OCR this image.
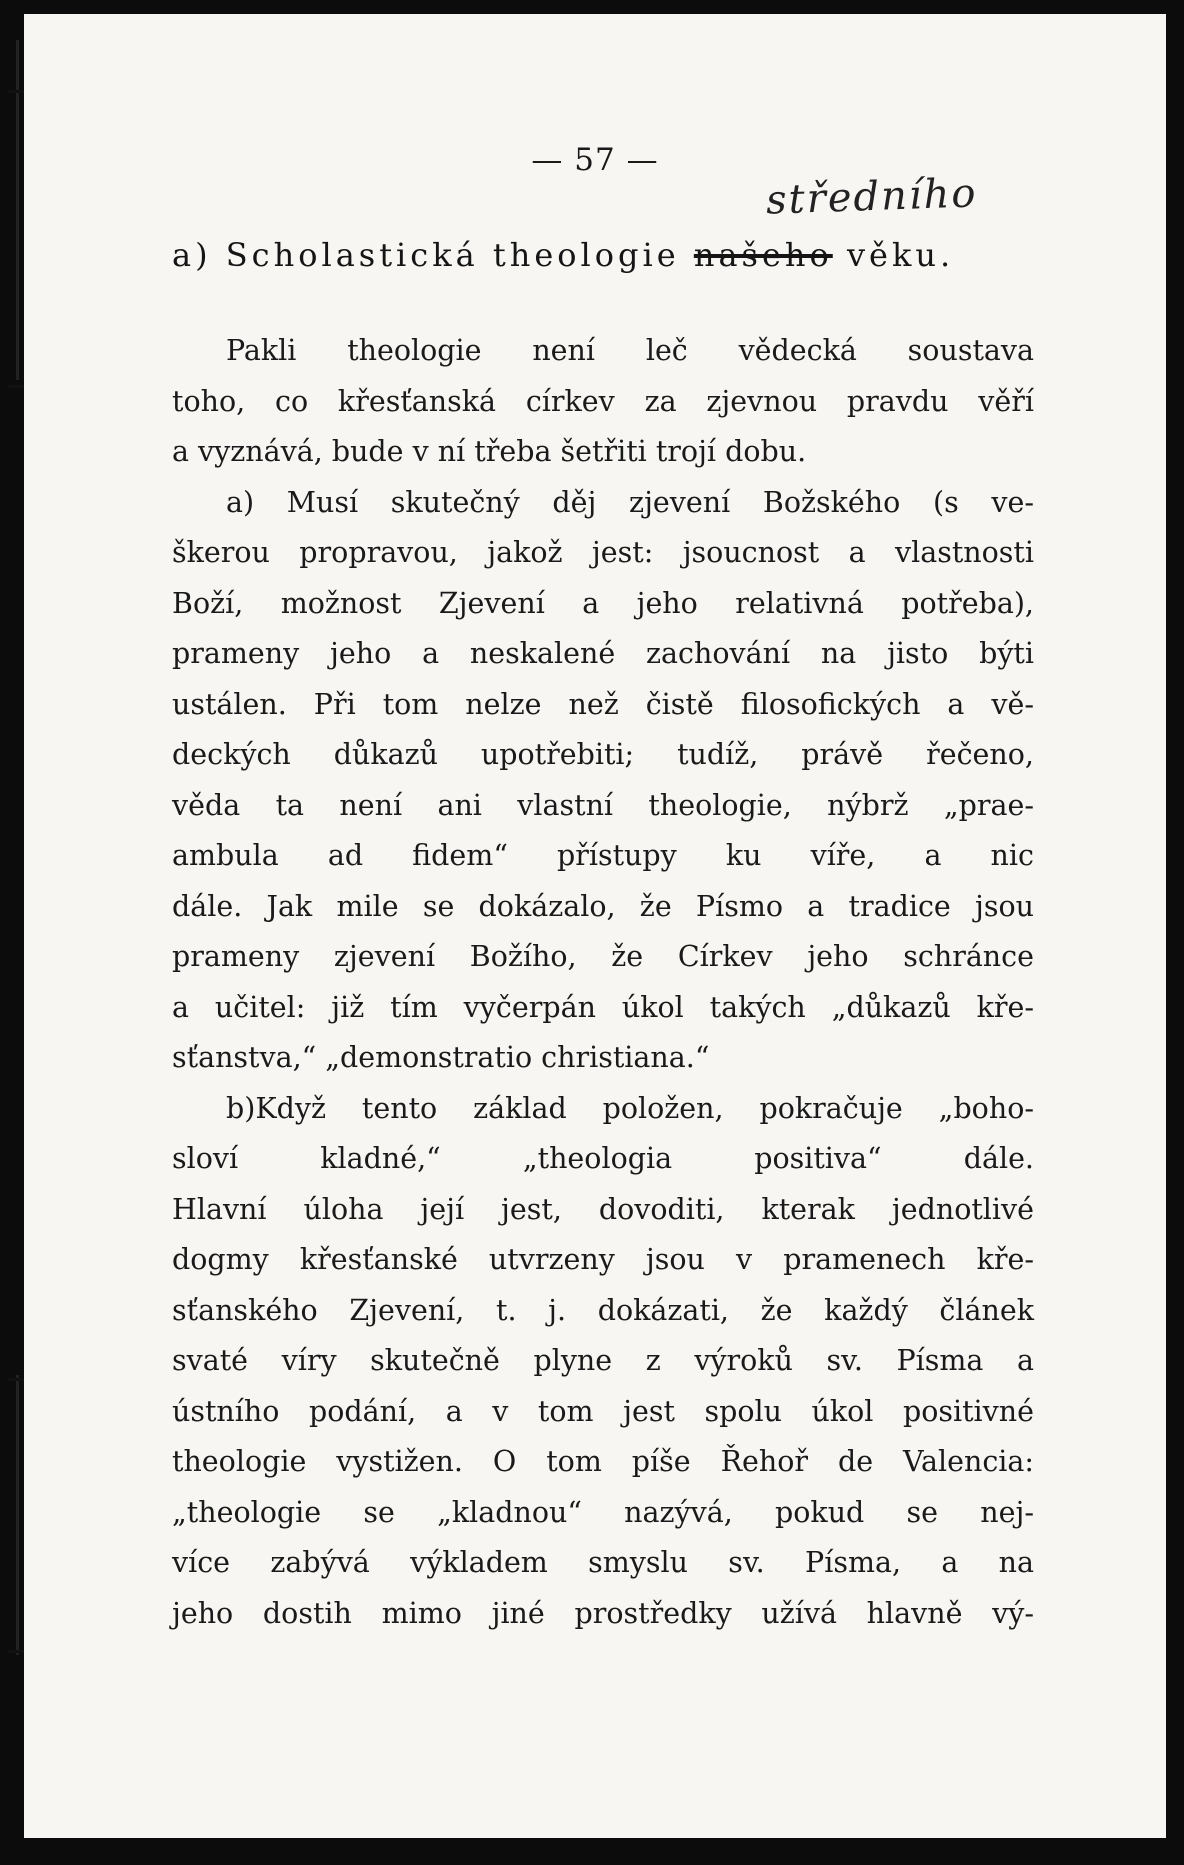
— 57 —
středního
a) Scholastická theologie našeho věku.
Pakli theologie není leč vědecká soustava
toho, co křesťanská církev za zjevnou pravdu věří
a vyznává, bude v ní třeba šetřiti trojí dobu.
a) Musí skutečný děj zjevení Božského (s ve-
škerou propravou, jakož jest: jsoucnost a vlastnosti
Boží, možnost Zjevení a jeho relativná potřeba),
prameny jeho a neskalené zachování na jisto býti
ustálen. Při tom nelze než čistě filosofických a vě-
deckých důkazů upotřebiti; tudíž, právě řečeno,
věda ta není ani vlastní theologie, nýbrž „prae-
ambula ad fidem“ přístupy ku víře, a nic
dále. Jak mile se dokázalo, že Písmo a tradice jsou
prameny zjevení Božího, že Církev jeho schránce
a učitel: již tím vyčerpán úkol takých „důkazů kře-
sťanstva,“ „demonstratio christiana.“
b)Když tento základ položen, pokračuje „boho-
sloví kladné,“ „theologia positiva“ dále.
Hlavní úloha její jest, dovoditi, kterak jednotlivé
dogmy křesťanské utvrzeny jsou v pramenech kře-
sťanského Zjevení, t. j. dokázati, že každý článek
svaté víry skutečně plyne z výroků sv. Písma a
ústního podání, a v tom jest spolu úkol positivné
theologie vystižen. O tom píše Řehoř de Valencia:
„theologie se „kladnou“ nazývá, pokud se nej-
více zabývá výkladem smyslu sv. Písma, a na
jeho dostih mimo jiné prostředky užívá hlavně vý-
